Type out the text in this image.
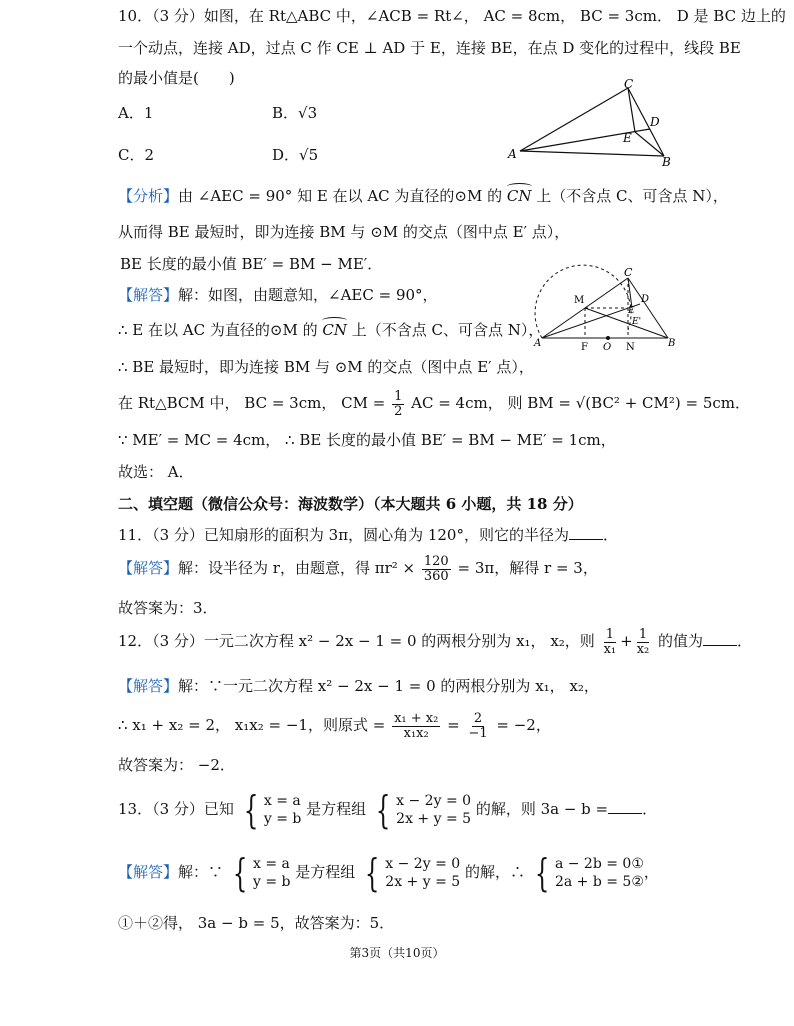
10．（3 分）如图，在 Rt△ABC 中，∠ACB = Rt∠， AC = 8cm， BC = 3cm． D 是 BC 边上的
一个动点，连接 AD，过点 C 作 CE ⊥ AD 于 E，连接 BE，在点 D 变化的过程中，线段 BE
的最小值是(　　)
A．1	B．√3
C．2	D．√5
C
D
E
A
B
【分析】由 ∠AEC = 90° 知 E 在以 AC 为直径的⊙M 的 CN 上（不含点 C、可含点 N），
从而得 BE 最短时，即为连接 BM 与 ⊙M 的交点（图中点 E′ 点），
BE 长度的最小值 BE′ = BM − ME′．
【解答】解：如图，由题意知，∠AEC = 90°，
∴ E 在以 AC 为直径的⊙M 的 CN 上（不含点 C、可含点 N），
∴ BE 最短时，即为连接 BM 与 ⊙M 的交点（图中点 E′ 点），
在 Rt△BCM 中， BC = 3cm， CM = $\frac{1}{2}$ AC = 4cm， 则 BM = √(BC² + CM²) = 5cm．
∵ ME′ = MC = 4cm， ∴ BE 长度的最小值 BE′ = BM − ME′ = 1cm，
故选： A．
C
D
E
E'
M
F O N
A	B
二、填空题（微信公众号：海波数学）（本大题共 6 小题，共 18 分）
11．（3 分）已知扇形的面积为 3π，圆心角为 120°，则它的半径为 ．
【解答】解：设半径为 r，由题意，得 $\pi r^2 \times \frac{120}{360} = 3\pi$，解得 r = 3，
故答案为：3．
12．（3 分）一元二次方程 x² − 2x − 1 = 0 的两根分别为 x₁， x₂，则 $\frac{1}{\text{x₁}} + \frac{1}{\text{x₂}}$ 的值为 ．
【解答】解：∵一元二次方程 x² − 2x − 1 = 0 的两根分别为 x₁， x₂，
∴ x₁ + x₂ = 2， x₁x₂ = −1，则原式 = $\frac{\text{x₁ + x₂}}{\text{x₁x₂}} = \frac{2}{-1} = -2$，
故答案为： −2．
13．（3 分）已知 { x = a
y = b
是方程组 { x − 2y = 0
2x + y = 5
的解，则 3a − b = ．
【解答】解：∵ { x = a
y = b
是方程组 { x − 2y = 0
2x + y = 5
的解，∴ { a − 2b = 0①
2a + b = 5②
，
①＋②得， 3a − b = 5，故答案为：5．
第3页（共10页）
